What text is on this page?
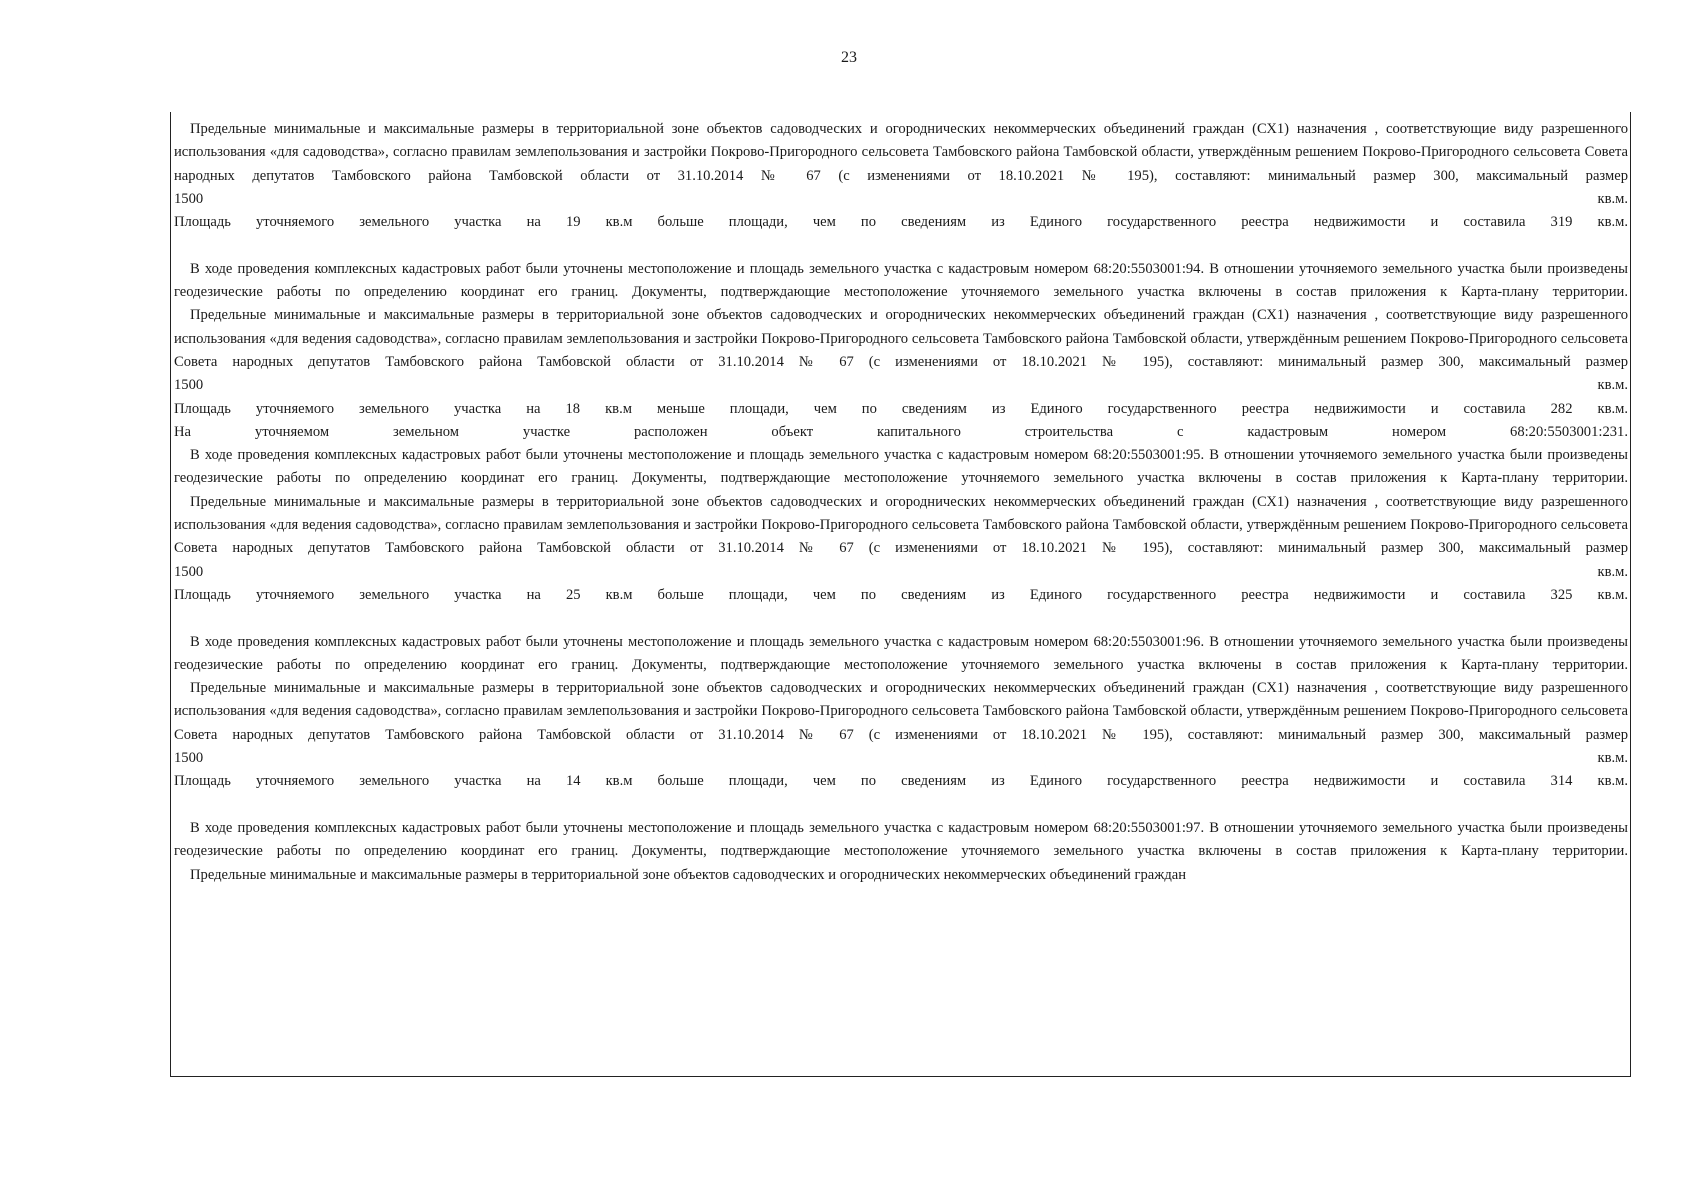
23

Предельные минимальные и максимальные размеры в территориальной зоне объектов садоводческих и огороднических некоммерческих объединений граждан (СХ1) назначения , соответствующие виду разрешенного использования «для садоводства», согласно правилам землепользования и застройки Покрово-Пригородного сельсовета Тамбовского района Тамбовской области, утверждённым решением Покрово-Пригородного сельсовета Совета народных депутатов Тамбовского района Тамбовской области от 31.10.2014 № 67 (с изменениями от 18.10.2021 № 195), составляют: минимальный размер 300, максимальный размер

1500	кв.м.

Площадь уточняемого земельного участка на 19 кв.м больше площади, чем по сведениям из Единого государственного реестра недвижимости и составила 319 кв.м.

В ходе проведения комплексных кадастровых работ были уточнены местоположение и площадь земельного участка с кадастровым номером 68:20:5503001:94. В отношении уточняемого земельного участка были произведены геодезические работы по определению координат его границ. Документы, подтверждающие местоположение уточняемого земельного участка включены в состав приложения к Карта-плану территории.

Предельные минимальные и максимальные размеры в территориальной зоне объектов садоводческих и огороднических некоммерческих объединений граждан (СХ1) назначения , соответствующие виду разрешенного использования «для ведения садоводства», согласно правилам землепользования и застройки Покрово-Пригородного сельсовета Тамбовского района Тамбовской области, утверждённым решением Покрово-Пригородного сельсовета Совета народных депутатов Тамбовского района Тамбовской области от 31.10.2014 № 67 (с изменениями от 18.10.2021 № 195), составляют: минимальный размер 300, максимальный размер

1500	кв.м.

Площадь уточняемого земельного участка на 18 кв.м меньше площади, чем по сведениям из Единого государственного реестра недвижимости и составила 282 кв.м.

На уточняемом земельном участке расположен объект капитального строительства с кадастровым номером 68:20:5503001:231.

В ходе проведения комплексных кадастровых работ были уточнены местоположение и площадь земельного участка с кадастровым номером 68:20:5503001:95. В отношении уточняемого земельного участка были произведены геодезические работы по определению координат его границ. Документы, подтверждающие местоположение уточняемого земельного участка включены в состав приложения к Карта-плану территории.

Предельные минимальные и максимальные размеры в территориальной зоне объектов садоводческих и огороднических некоммерческих объединений граждан (СХ1) назначения , соответствующие виду разрешенного использования «для ведения садоводства», согласно правилам землепользования и застройки Покрово-Пригородного сельсовета Тамбовского района Тамбовской области, утверждённым решением Покрово-Пригородного сельсовета Совета народных депутатов Тамбовского района Тамбовской области от 31.10.2014 № 67 (с изменениями от 18.10.2021 № 195), составляют: минимальный размер 300, максимальный размер

1500	кв.м.

Площадь уточняемого земельного участка на 25 кв.м больше площади, чем по сведениям из Единого государственного реестра недвижимости и составила 325 кв.м.

В ходе проведения комплексных кадастровых работ были уточнены местоположение и площадь земельного участка с кадастровым номером 68:20:5503001:96. В отношении уточняемого земельного участка были произведены геодезические работы по определению координат его границ. Документы, подтверждающие местоположение уточняемого земельного участка включены в состав приложения к Карта-плану территории.

Предельные минимальные и максимальные размеры в территориальной зоне объектов садоводческих и огороднических некоммерческих объединений граждан (СХ1) назначения , соответствующие виду разрешенного использования «для ведения садоводства», согласно правилам землепользования и застройки Покрово-Пригородного сельсовета Тамбовского района Тамбовской области, утверждённым решением Покрово-Пригородного сельсовета Совета народных депутатов Тамбовского района Тамбовской области от 31.10.2014 № 67 (с изменениями от 18.10.2021 № 195), составляют: минимальный размер 300, максимальный размер

1500	кв.м.

Площадь уточняемого земельного участка на 14 кв.м больше площади, чем по сведениям из Единого государственного реестра недвижимости и составила 314 кв.м.

В ходе проведения комплексных кадастровых работ были уточнены местоположение и площадь земельного участка с кадастровым номером 68:20:5503001:97. В отношении уточняемого земельного участка были произведены геодезические работы по определению координат его границ. Документы, подтверждающие местоположение уточняемого земельного участка включены в состав приложения к Карта-плану территории.

Предельные минимальные и максимальные размеры в территориальной зоне объектов садоводческих и огороднических некоммерческих объединений граждан
